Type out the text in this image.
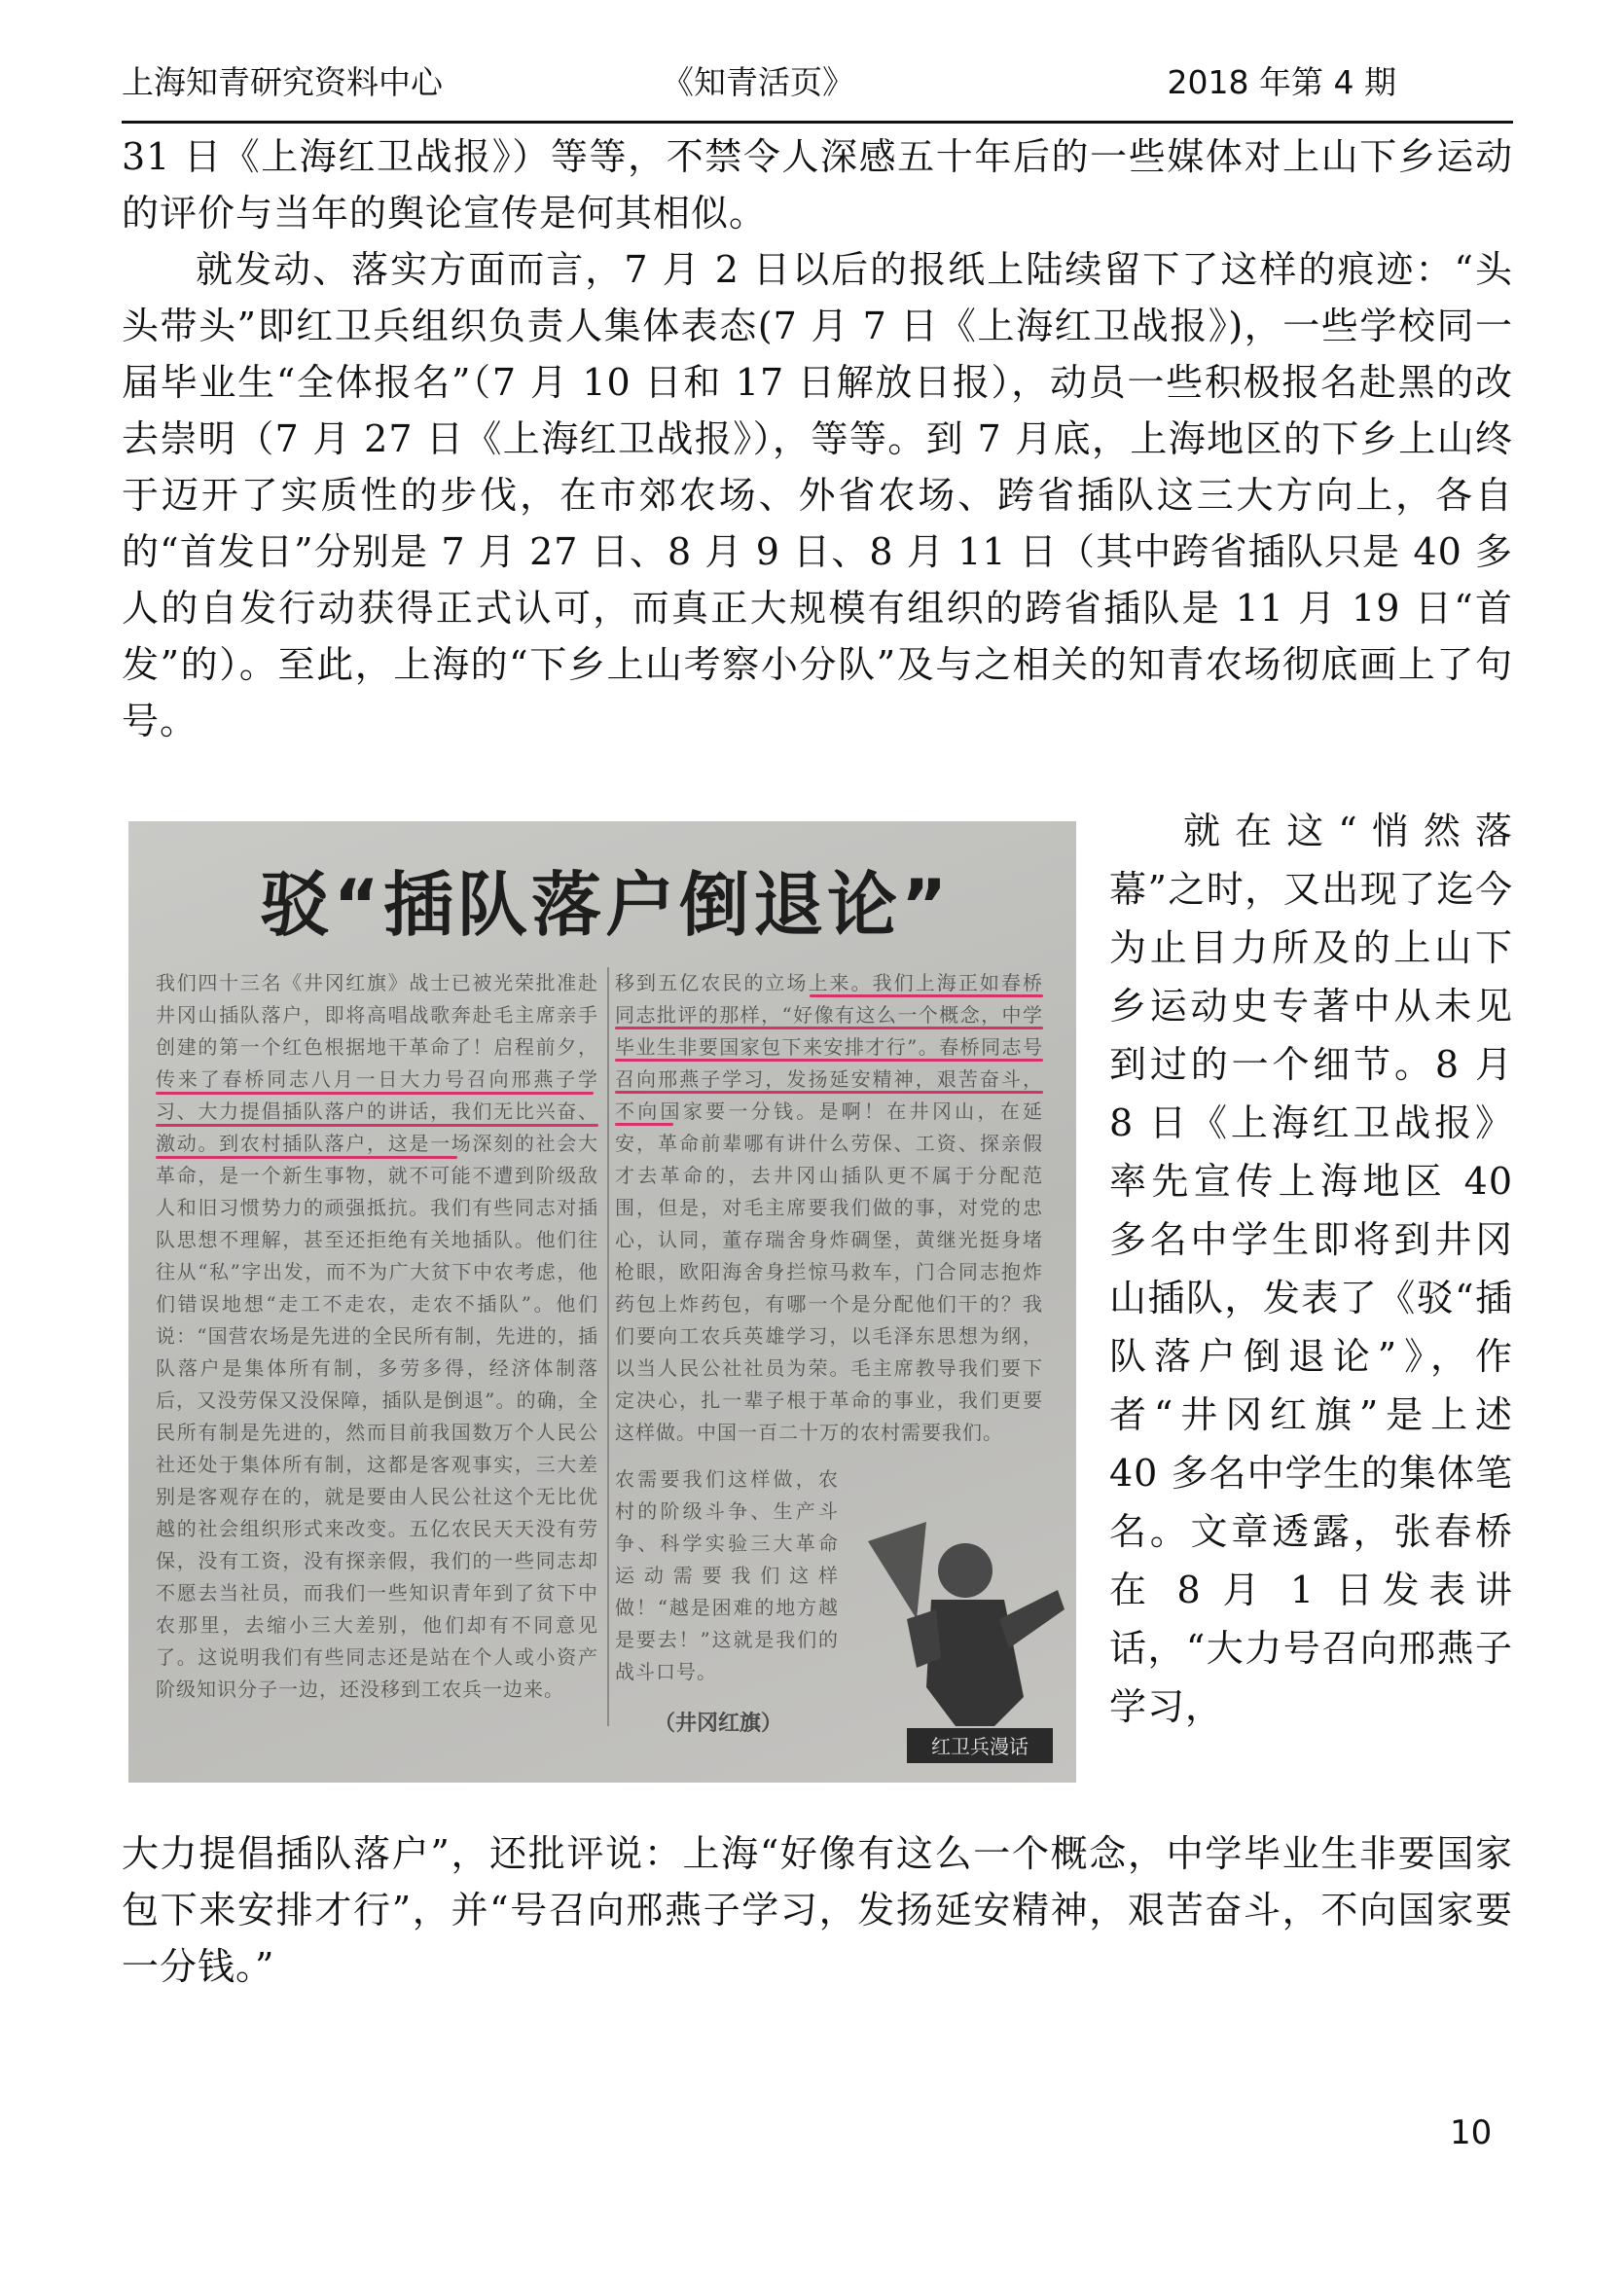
上海知青研究资料中心	《知青活页》	2018 年第 4 期

31 日《上海红卫战报》）等等，不禁令人深感五十年后的一些媒体对上山下乡运动的评价与当年的舆论宣传是何其相似。

就发动、落实方面而言，7 月 2 日以后的报纸上陆续留下了这样的痕迹：“头头带头”即红卫兵组织负责人集体表态(7 月 7 日《上海红卫战报》)，一些学校同一届毕业生“全体报名”（7 月 10 日和 17 日解放日报），动员一些积极报名赴黑的改去崇明（7 月 27 日《上海红卫战报》），等等。到 7 月底，上海地区的下乡上山终于迈开了实质性的步伐，在市郊农场、外省农场、跨省插队这三大方向上，各自的“首发日”分别是 7 月 27 日、8 月 9 日、8 月 11 日（其中跨省插队只是 40 多人的自发行动获得正式认可，而真正大规模有组织的跨省插队是 11 月 19 日“首发”的）。至此，上海的“下乡上山考察小分队”及与之相关的知青农场彻底画上了句号。

驳“插队落户倒退论”
我们四十三名《井冈红旗》战士已被光荣批准赴井冈山插队落户，即将高唱战歌奔赴毛主席亲手创建的第一个红色根据地干革命了！启程前夕，传来了春桥同志八月一日大力号召向邢燕子学习、大力提倡插队落户的讲话，我们无比兴奋、激动。到农村插队落户，这是一场深刻的社会大革命，是一个新生事物，就不可能不遭到阶级敌人和旧习惯势力的顽强抵抗。我们有些同志对插队思想不理解，甚至还拒绝有关地插队。他们往往从“私”字出发，而不为广大贫下中农考虑，他们错误地想“走工不走农，走农不插队”。他们说：“国营农场是先进的全民所有制，先进的，插队落户是集体所有制，多劳多得，经济体制落后，又没劳保又没保障，插队是倒退”。的确，全民所有制是先进的，然而目前我国数万个人民公社还处于集体所有制，这都是客观事实，三大差别是客观存在的，就是要由人民公社这个无比优越的社会组织形式来改变。五亿农民天天没有劳保，没有工资，没有探亲假，我们的一些同志却不愿去当社员，而我们一些知识青年到了贫下中农那里，去缩小三大差别，他们却有不同意见了。这说明我们有些同志还是站在个人或小资产阶级知识分子一边，还没移到工农兵一边来。
移到五亿农民的立场上来。我们上海正如春桥同志批评的那样，“好像有这么一个概念，中学毕业生非要国家包下来安排才行”。春桥同志号召向邢燕子学习，发扬延安精神，艰苦奋斗，不向国家要一分钱。是啊！在井冈山，在延安，革命前辈哪有讲什么劳保、工资、探亲假才去革命的，去井冈山插队更不属于分配范围，但是，对毛主席要我们做的事，对党的忠心，认同，董存瑞舍身炸碉堡，黄继光挺身堵枪眼，欧阳海舍身拦惊马救车，门合同志抱炸药包上炸药包，有哪一个是分配他们干的？我们要向工农兵英雄学习，以毛泽东思想为纲，以当人民公社社员为荣。毛主席教导我们要下定决心，扎一辈子根于革命的事业，我们更要这样做。中国一百二十万的农村需要我们。
农需要我们这样做，农村的阶级斗争、生产斗争、科学实验三大革命运动需要我们这样做！“越是困难的地方越是要去！”这就是我们的战斗口号。
（井冈红旗）
红卫兵漫话

就在这“悄然落幕”之时，又出现了迄今为止目力所及的上山下乡运动史专著中从未见到过的一个细节。8 月 8 日《上海红卫战报》率先宣传上海地区 40 多名中学生即将到井冈山插队，发表了《驳“插队落户倒退论”》，作者“井冈红旗”是上述 40 多名中学生的集体笔名。文章透露，张春桥在 8 月 1 日发表讲话，“大力号召向邢燕子学习，

大力提倡插队落户”，还批评说：上海“好像有这么一个概念，中学毕业生非要国家包下来安排才行”，并“号召向邢燕子学习，发扬延安精神，艰苦奋斗，不向国家要一分钱。”

10
